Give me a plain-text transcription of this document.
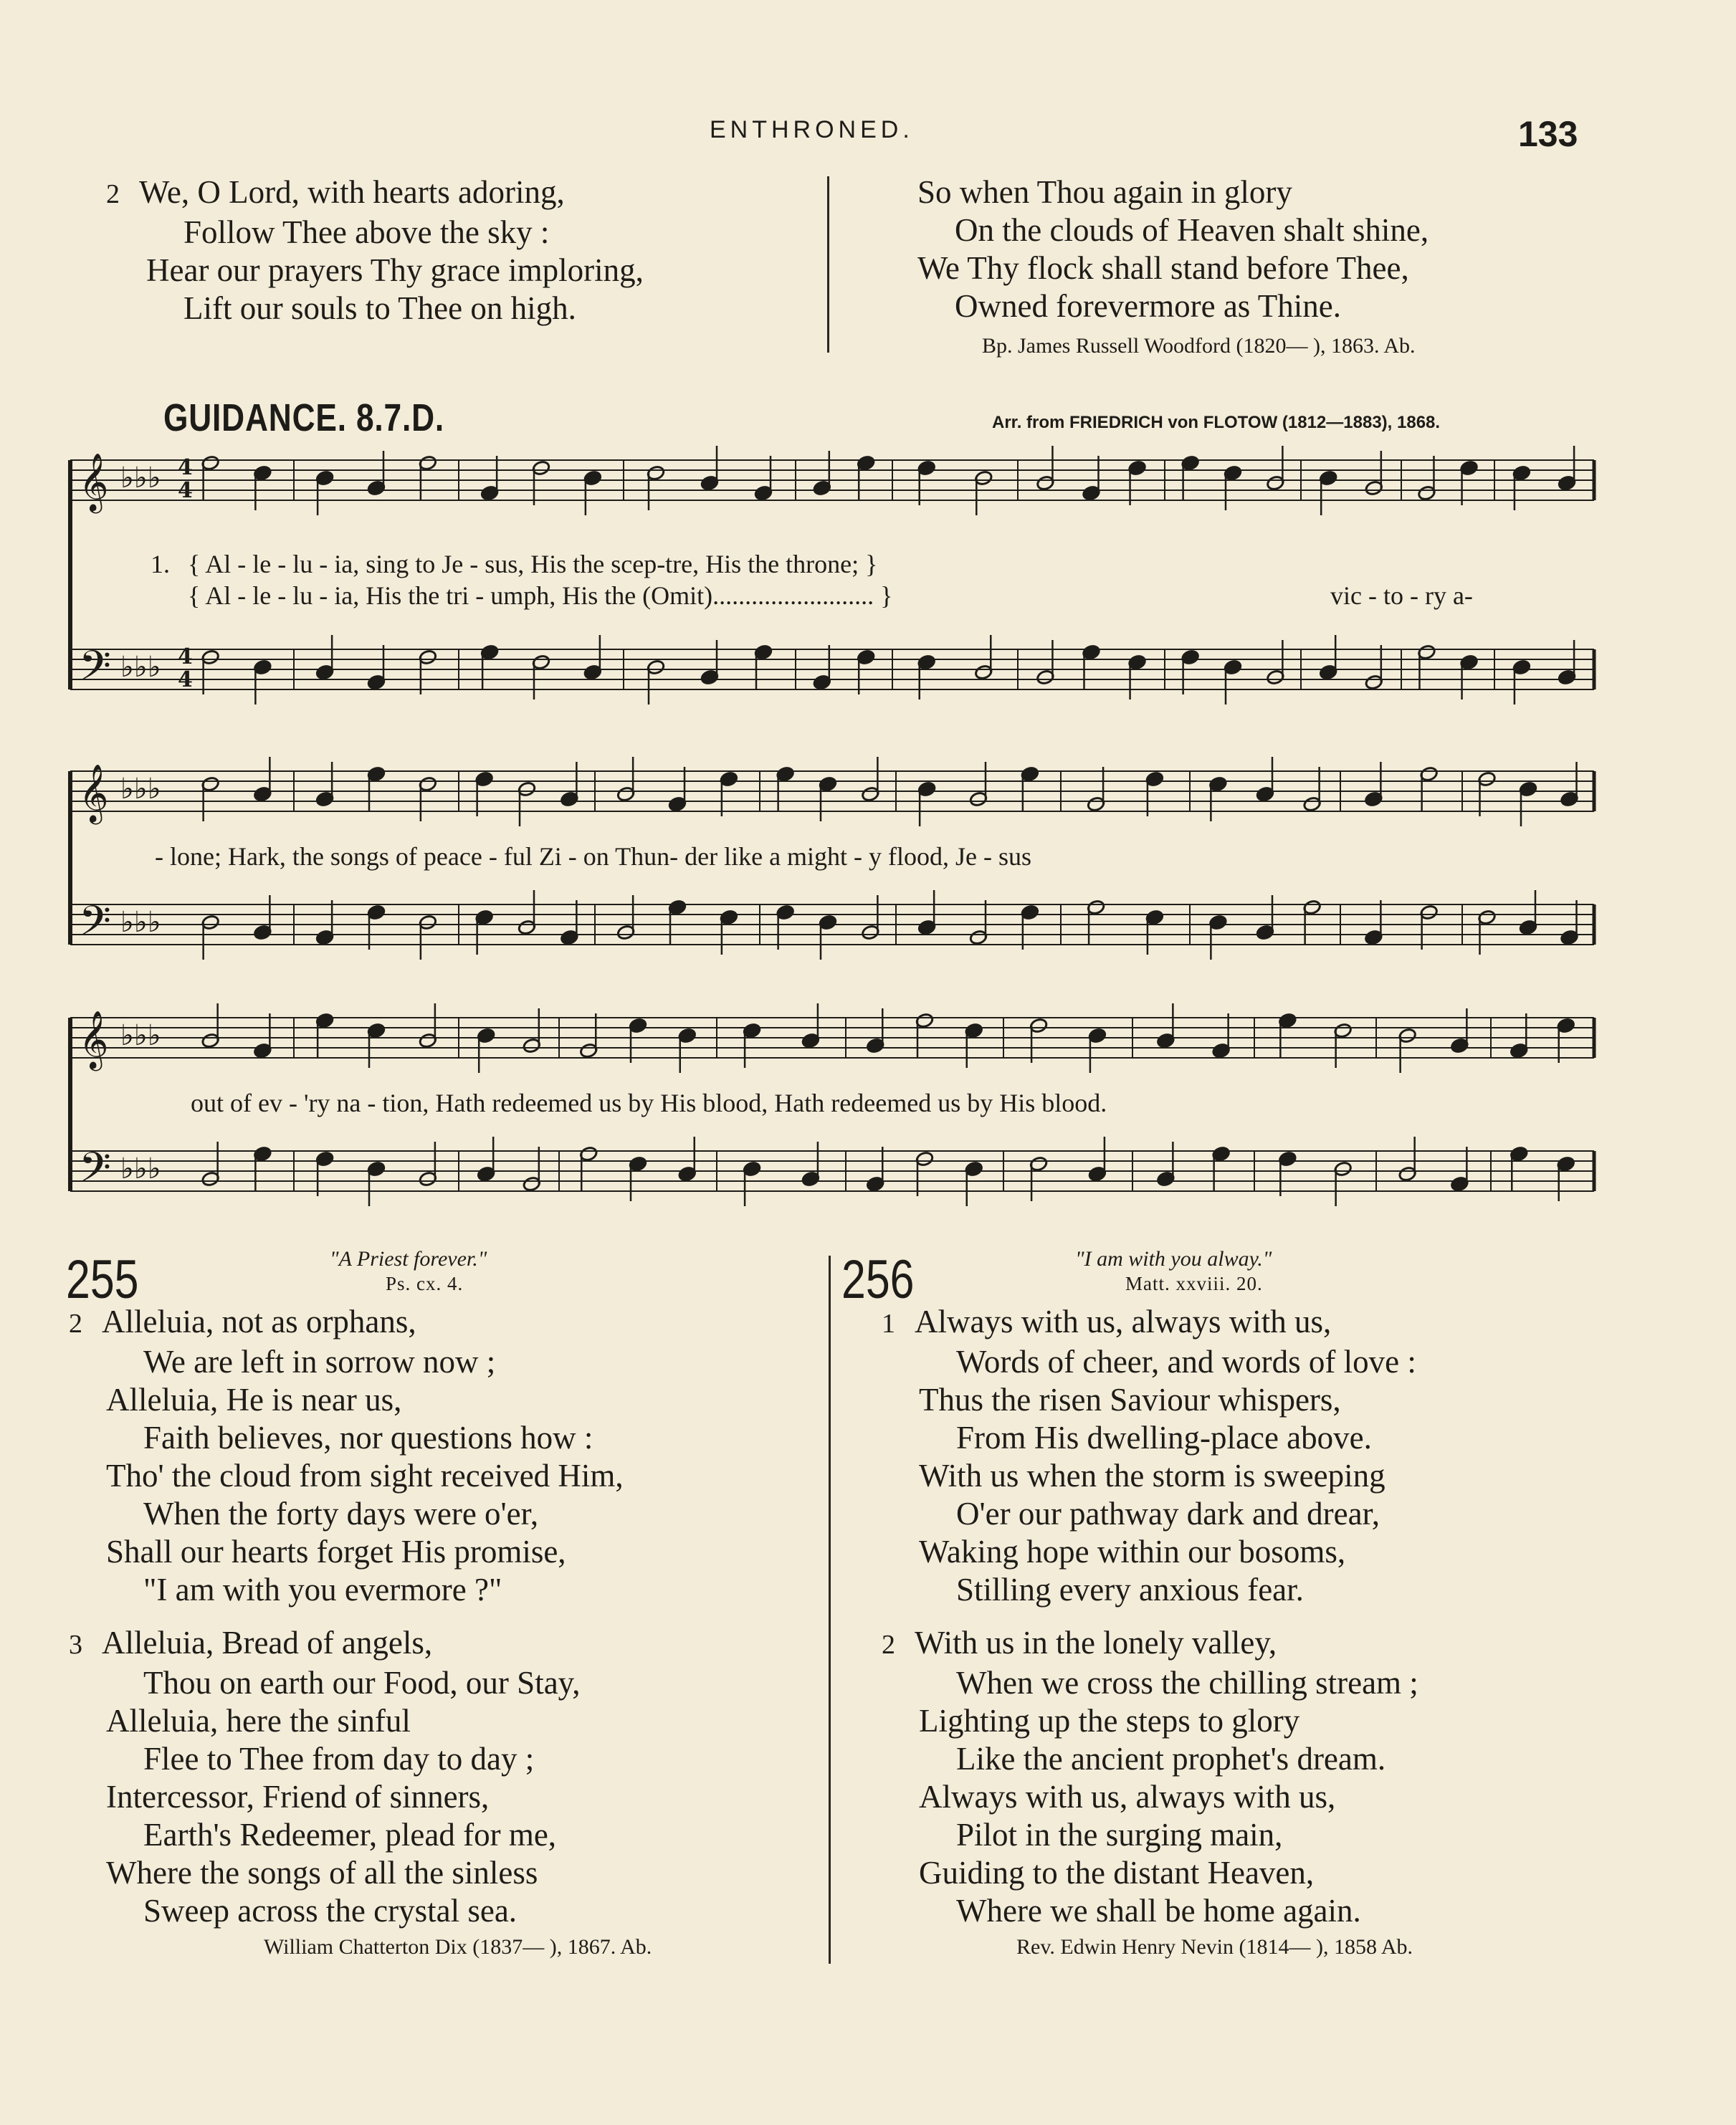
ENTHRONED.	133
2 We, O Lord, with hearts adoring,
Follow Thee above the sky :
Hear our prayers Thy grace imploring,
Lift our souls to Thee on high.
So when Thou again in glory
On the clouds of Heaven shalt shine,
We Thy flock shall stand before Thee,
Owned forevermore as Thine.
Bp. James Russell Woodford (1820— ), 1863. Ab.
GUIDANCE. 8.7.D.	Arr. from FRIEDRICH von FLOTOW (1812—1883), 1868.
𝄞 ♭♭♭ 4
4
𝄢 ♭♭♭ 4
4
𝄞 ♭♭♭
𝄢 ♭♭♭
𝄞 ♭♭♭
𝄢 ♭♭♭
1. { Al - le - lu - ia, sing to Je - sus, His the scep-tre, His the throne; }
{ Al - le - lu - ia, His the tri - umph, His the (Omit)......................... }	vic - to - ry a-
- lone; Hark, the songs of peace - ful Zi - on Thun- der like a might - y flood, Je - sus
out of ev - 'ry na - tion, Hath redeemed us by His blood, Hath redeemed us by His blood.
255	"A Priest forever."
Ps. cx. 4.
2 Alleluia, not as orphans,
We are left in sorrow now ;
Alleluia, He is near us,
Faith believes, nor questions how :
Tho' the cloud from sight received Him,
When the forty days were o'er,
Shall our hearts forget His promise,
"I am with you evermore ?"
3 Alleluia, Bread of angels,
Thou on earth our Food, our Stay,
Alleluia, here the sinful
Flee to Thee from day to day ;
Intercessor, Friend of sinners,
Earth's Redeemer, plead for me,
Where the songs of all the sinless
Sweep across the crystal sea.
William Chatterton Dix (1837— ), 1867. Ab.
256	"I am with you alway."
Matt. xxviii. 20.
1 Always with us, always with us,
Words of cheer, and words of love :
Thus the risen Saviour whispers,
From His dwelling-place above.
With us when the storm is sweeping
O'er our pathway dark and drear,
Waking hope within our bosoms,
Stilling every anxious fear.
2 With us in the lonely valley,
When we cross the chilling stream ;
Lighting up the steps to glory
Like the ancient prophet's dream.
Always with us, always with us,
Pilot in the surging main,
Guiding to the distant Heaven,
Where we shall be home again.
Rev. Edwin Henry Nevin (1814— ), 1858 Ab.
